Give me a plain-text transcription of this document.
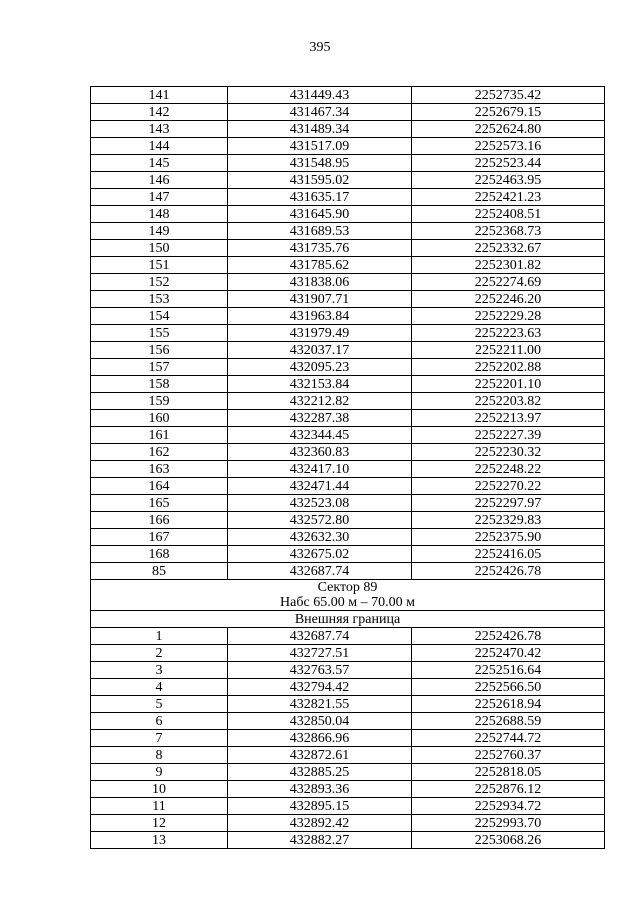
395
141	431449.43	2252735.42
142	431467.34	2252679.15
143	431489.34	2252624.80
144	431517.09	2252573.16
145	431548.95	2252523.44
146	431595.02	2252463.95
147	431635.17	2252421.23
148	431645.90	2252408.51
149	431689.53	2252368.73
150	431735.76	2252332.67
151	431785.62	2252301.82
152	431838.06	2252274.69
153	431907.71	2252246.20
154	431963.84	2252229.28
155	431979.49	2252223.63
156	432037.17	2252211.00
157	432095.23	2252202.88
158	432153.84	2252201.10
159	432212.82	2252203.82
160	432287.38	2252213.97
161	432344.45	2252227.39
162	432360.83	2252230.32
163	432417.10	2252248.22
164	432471.44	2252270.22
165	432523.08	2252297.97
166	432572.80	2252329.83
167	432632.30	2252375.90
168	432675.02	2252416.05
85	432687.74	2252426.78

Сектор 89
Набс 65.00 м – 70.00 м		

Внешняя граница		
1	432687.74	2252426.78
2	432727.51	2252470.42
3	432763.57	2252516.64
4	432794.42	2252566.50
5	432821.55	2252618.94
6	432850.04	2252688.59
7	432866.96	2252744.72
8	432872.61	2252760.37
9	432885.25	2252818.05
10	432893.36	2252876.12
11	432895.15	2252934.72
12	432892.42	2252993.70
13	432882.27	2253068.26
